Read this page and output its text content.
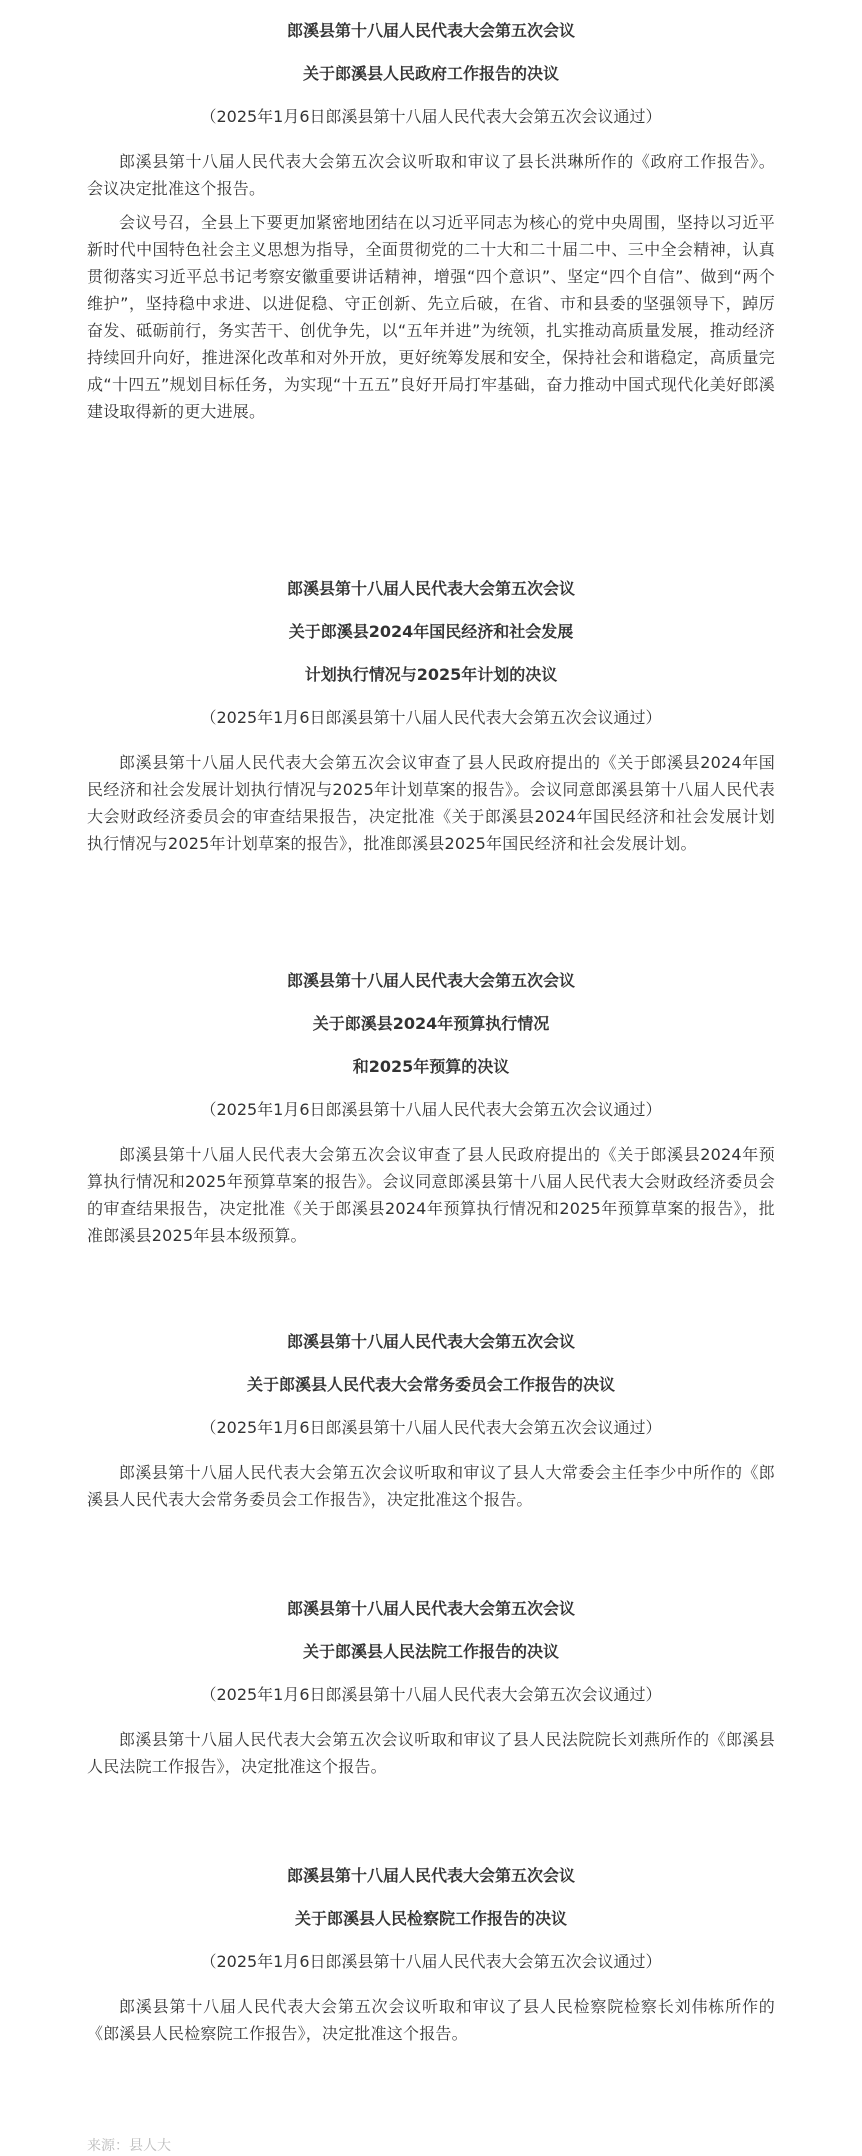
郎溪县第十八届人民代表大会第五次会议

关于郎溪县人民政府工作报告的决议

（2025年1月6日郎溪县第十八届人民代表大会第五次会议通过）

郎溪县第十八届人民代表大会第五次会议听取和审议了县长洪琳所作的《政府工作报告》。会议决定批准这个报告。

会议号召，全县上下要更加紧密地团结在以习近平同志为核心的党中央周围，坚持以习近平新时代中国特色社会主义思想为指导，全面贯彻党的二十大和二十届二中、三中全会精神，认真贯彻落实习近平总书记考察安徽重要讲话精神，增强“四个意识”、坚定“四个自信”、做到“两个维护”，坚持稳中求进、以进促稳、守正创新、先立后破，在省、市和县委的坚强领导下，踔厉奋发、砥砺前行，务实苦干、创优争先，以“五年并进”为统领，扎实推动高质量发展，推动经济持续回升向好，推进深化改革和对外开放，更好统筹发展和安全，保持社会和谐稳定，高质量完成“十四五”规划目标任务，为实现“十五五”良好开局打牢基础，奋力推动中国式现代化美好郎溪建设取得新的更大进展。

郎溪县第十八届人民代表大会第五次会议

关于郎溪县2024年国民经济和社会发展

计划执行情况与2025年计划的决议

（2025年1月6日郎溪县第十八届人民代表大会第五次会议通过）

郎溪县第十八届人民代表大会第五次会议审查了县人民政府提出的《关于郎溪县2024年国民经济和社会发展计划执行情况与2025年计划草案的报告》。会议同意郎溪县第十八届人民代表大会财政经济委员会的审查结果报告，决定批准《关于郎溪县2024年国民经济和社会发展计划执行情况与2025年计划草案的报告》，批准郎溪县2025年国民经济和社会发展计划。

郎溪县第十八届人民代表大会第五次会议

关于郎溪县2024年预算执行情况

和2025年预算的决议

（2025年1月6日郎溪县第十八届人民代表大会第五次会议通过）

郎溪县第十八届人民代表大会第五次会议审查了县人民政府提出的《关于郎溪县2024年预算执行情况和2025年预算草案的报告》。会议同意郎溪县第十八届人民代表大会财政经济委员会的审查结果报告，决定批准《关于郎溪县2024年预算执行情况和2025年预算草案的报告》，批准郎溪县2025年县本级预算。

郎溪县第十八届人民代表大会第五次会议

关于郎溪县人民代表大会常务委员会工作报告的决议

（2025年1月6日郎溪县第十八届人民代表大会第五次会议通过）

郎溪县第十八届人民代表大会第五次会议听取和审议了县人大常委会主任李少中所作的《郎溪县人民代表大会常务委员会工作报告》，决定批准这个报告。

郎溪县第十八届人民代表大会第五次会议

关于郎溪县人民法院工作报告的决议

（2025年1月6日郎溪县第十八届人民代表大会第五次会议通过）

郎溪县第十八届人民代表大会第五次会议听取和审议了县人民法院院长刘燕所作的《郎溪县人民法院工作报告》，决定批准这个报告。

郎溪县第十八届人民代表大会第五次会议

关于郎溪县人民检察院工作报告的决议

（2025年1月6日郎溪县第十八届人民代表大会第五次会议通过）

郎溪县第十八届人民代表大会第五次会议听取和审议了县人民检察院检察长刘伟栋所作的《郎溪县人民检察院工作报告》，决定批准这个报告。

来源：县人大
